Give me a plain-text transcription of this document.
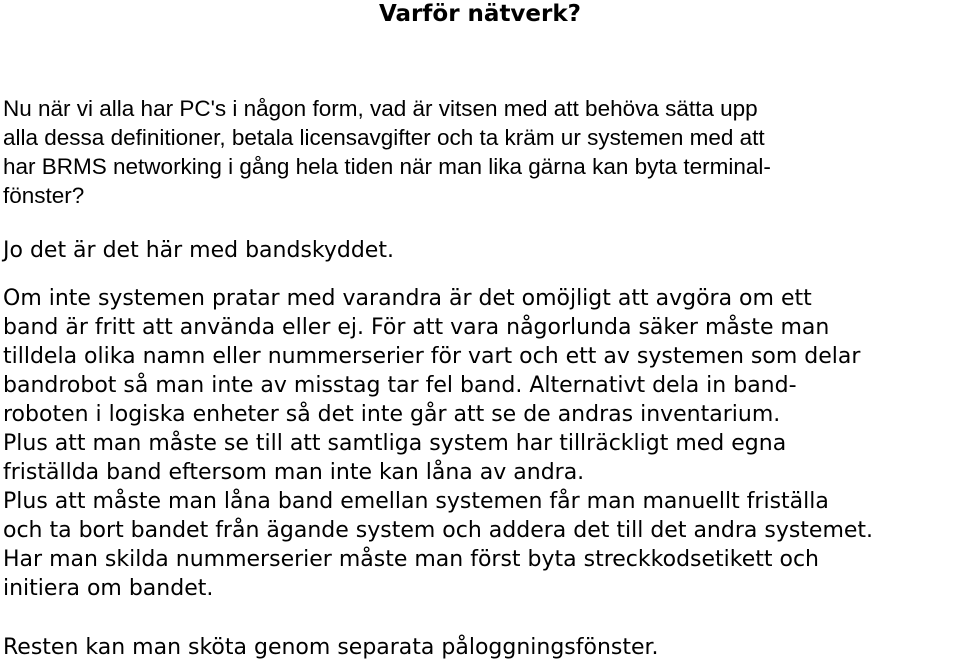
Varför nätverk?

Nu när vi alla har PC's i någon form, vad är vitsen med att behöva sätta upp
alla dessa definitioner, betala licensavgifter och ta kräm ur systemen med att
har BRMS networking i gång hela tiden när man lika gärna kan byta terminal-
fönster?

Jo det är det här med bandskyddet.

Om inte systemen pratar med varandra är det omöjligt att avgöra om ett
band är fritt att använda eller ej. För att vara någorlunda säker måste man
tilldela olika namn eller nummerserier för vart och ett av systemen som delar
bandrobot så man inte av misstag tar fel band. Alternativt dela in band-
roboten i logiska enheter så det inte går att se de andras inventarium.
Plus att man måste se till att samtliga system har tillräckligt med egna
friställda band eftersom man inte kan låna av andra.
Plus att måste man låna band emellan systemen får man manuellt friställa
och ta bort bandet från ägande system och addera det till det andra systemet.
Har man skilda nummerserier måste man först byta streckkodsetikett och
initiera om bandet.

Resten kan man sköta genom separata påloggningsfönster.
